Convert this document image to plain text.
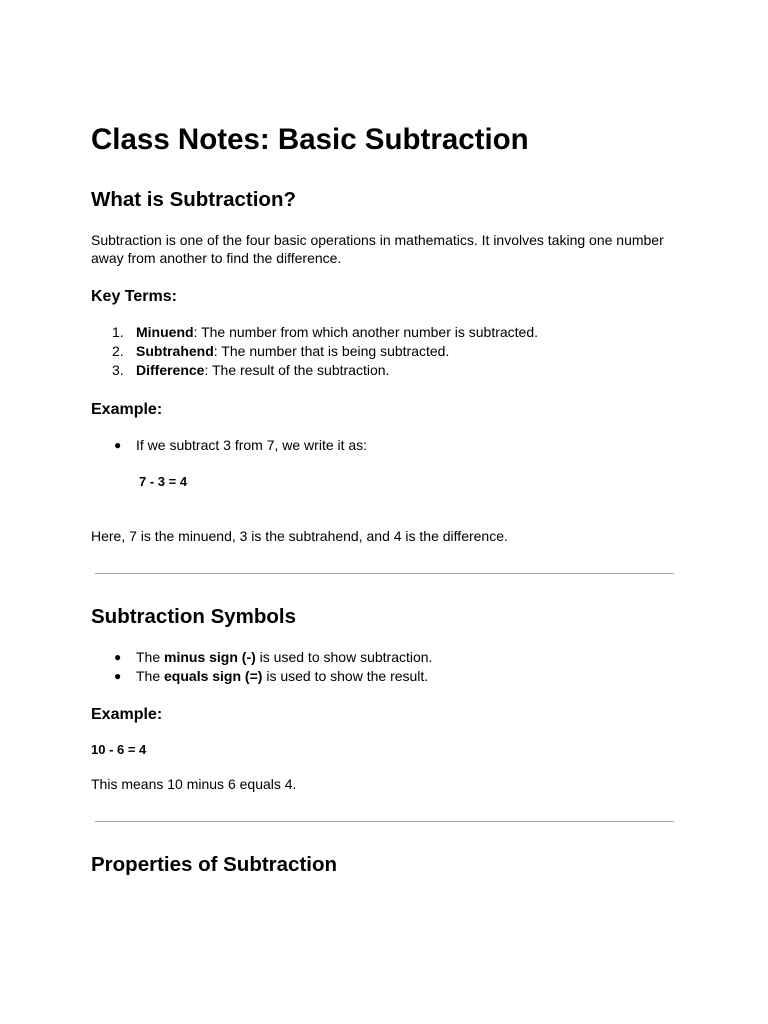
Class Notes: Basic Subtraction
What is Subtraction?

Subtraction is one of the four basic operations in mathematics. It involves taking one number
away from another to find the difference.

Key Terms:
1. Minuend: The number from which another number is subtracted.
2. Subtrahend: The number that is being subtracted.
3. Difference: The result of the subtraction.
Example:
● If we subtract 3 from 7, we write it as:
7 - 3 = 4

Here, 7 is the minuend, 3 is the subtrahend, and 4 is the difference.

Subtraction Symbols
● The minus sign (-) is used to show subtraction.
● The equals sign (=) is used to show the result.
Example:
10 - 6 = 4

This means 10 minus 6 equals 4.

Properties of Subtraction
